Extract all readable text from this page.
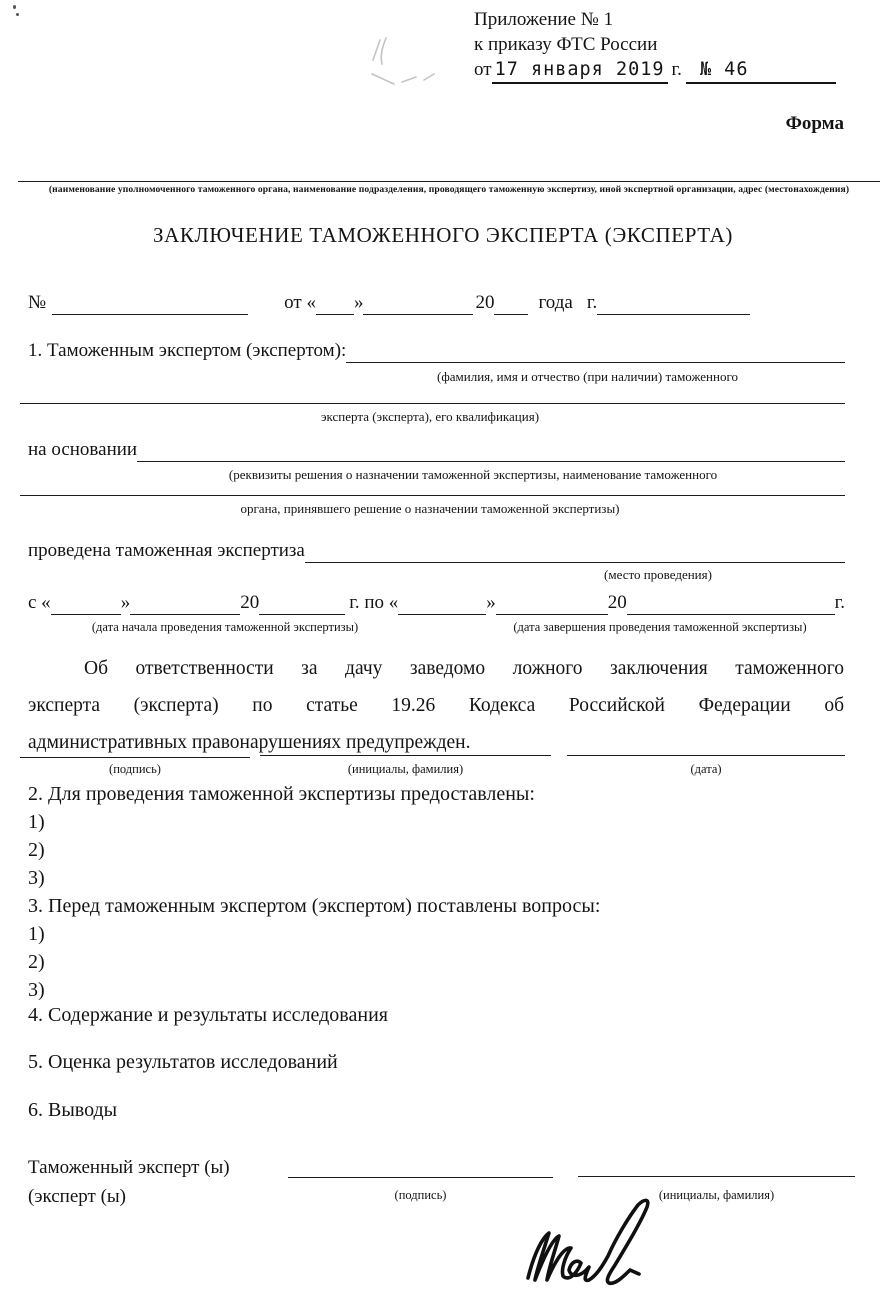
Приложение № 1
к приказу ФТС России
от 17 января 2019 г. № 46
Форма
(наименование уполномоченного таможенного органа, наименование подразделения, проводящего таможенную экспертизу, иной экспертной организации, адрес (местонахождения)
ЗАКЛЮЧЕНИЕ ТАМОЖЕННОГО ЭКСПЕРТА (ЭКСПЕРТА)
№	от « »	20 года г.
1. Таможенным экспертом (экспертом):
(фамилия, имя и отчество (при наличии) таможенного
эксперта (эксперта), его квалификация)
на основании
(реквизиты решения о назначении таможенной экспертизы, наименование таможенного
органа, принявшего решение о назначении таможенной экспертизы)
проведена таможенная экспертиза
(место проведения)
с «	»	20	г. по «	»	20	г.
(дата начала проведения таможенной экспертизы)	(дата завершения проведения таможенной экспертизы)
Об ответственности за дачу заведомо ложного заключения таможенного
эксперта (эксперта) по статье 19.26 Кодекса Российской Федерации об
административных правонарушениях предупрежден.
(подпись)	(инициалы, фамилия)	(дата)
2. Для проведения таможенной экспертизы предоставлены:
1)
2)
3)
3. Перед таможенным экспертом (экспертом) поставлены вопросы:
1)
2)
3)
4. Содержание и результаты исследования
5. Оценка результатов исследований
6. Выводы
Таможенный эксперт (ы)
(эксперт (ы)	(подпись)	(инициалы, фамилия)
